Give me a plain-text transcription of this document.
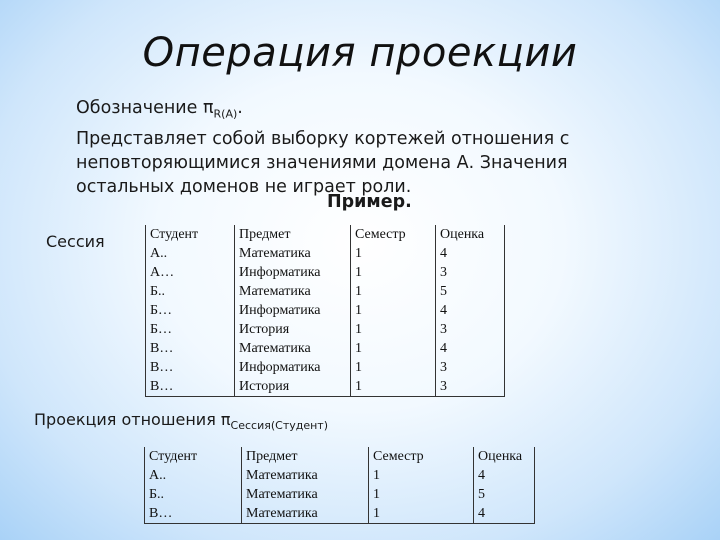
Операция проекции
Обозначение $\pi_{R(A)}$.
Представляет собой выборку кортежей отношения с
неповторяющимися значениями домена А. Значения
остальных доменов не играет роли.
Пример.
Сессия	Студент	Предмет	Семестр	Оценка
А..	Математика	1	4
А…	Информатика	1	3
Б..	Математика	1	5
Б…	Информатика	1	4
Б…	История	1	3
В…	Математика	1	4
В…	Информатика	1	3
В…	История	1	3
Проекция отношения $\pi_{Сессия(Студент)}$
Студент	Предмет	Семестр	Оценка
А..	Математика	1	4
Б..	Математика	1	5
В…	Математика	1	4
